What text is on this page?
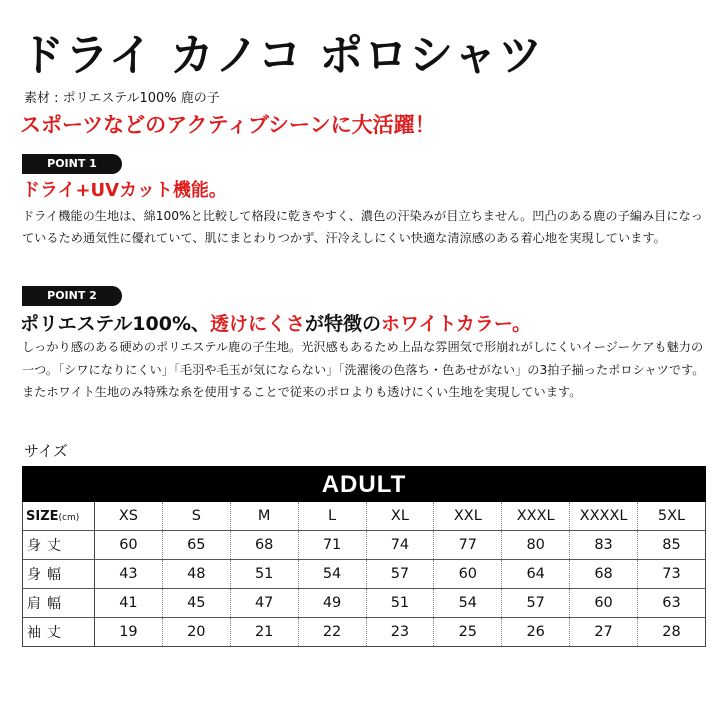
ドライ カノコ ポロシャツ
素材 : ポリエステル100% 鹿の子
スポーツなどのアクティブシーンに大活躍！
POINT 1
ドライ+UVカット機能。
ドライ機能の生地は、綿100%と比較して格段に乾きやすく、濃色の汗染みが目立ちません。凹凸のある鹿の子編み目になっているため通気性に優れていて、肌にまとわりつかず、汗冷えしにくい快適な清涼感のある着心地を実現しています。
POINT 2
ポリエステル100%、透けにくさが特徴のホワイトカラー。
しっかり感のある硬めのポリエステル鹿の子生地。光沢感もあるため上品な雰囲気で形崩れがしにくいイージーケアも魅力の一つ。「シワになりにくい」「毛羽や毛玉が気にならない」「洗濯後の色落ち・色あせがない」の3拍子揃ったポロシャツです。またホワイト生地のみ特殊な糸を使用することで従来のポロよりも透けにくい生地を実現しています。
サイズ
ADULT
SIZE(cm)	XS	S	M	L	XL	XXL	XXXL	XXXXL	5XL
身丈	60	65	68	71	74	77	80	83	85
身幅	43	48	51	54	57	60	64	68	73
肩幅	41	45	47	49	51	54	57	60	63
袖丈	19	20	21	22	23	25	26	27	28
